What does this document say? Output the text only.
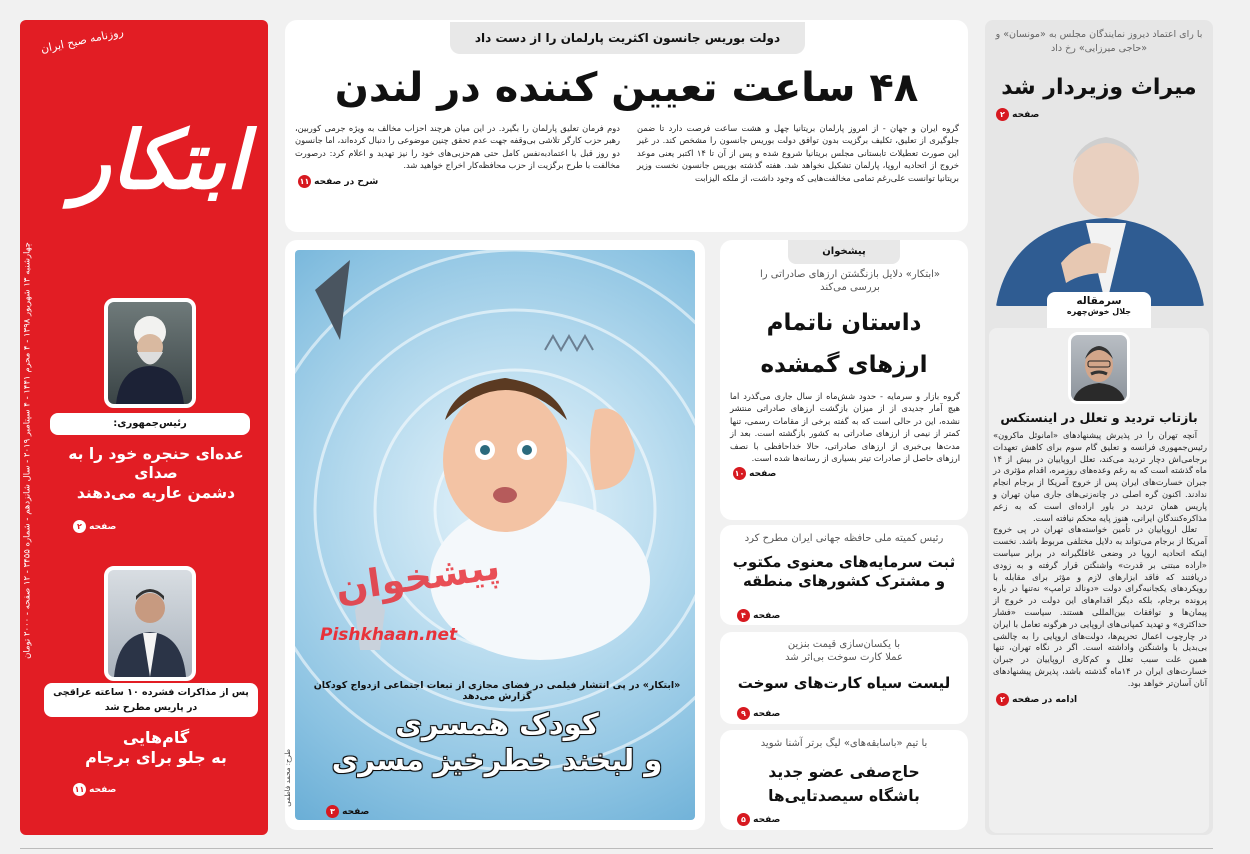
روزنامه صبح ایران
ابتکار
چهارشنبه ۱۳ شهریور ۱۳۹۸ - ۴ محرم ۱۴۴۱ - ۴ سپتامبر ۲۰۱۹ - سال شانزدهم - شماره ۳۴۵۵ - ۱۲ صفحه - ۲۰۰۰ تومان
رئیس‌جمهوری:
عده‌ای حنجره خود را به صدای
دشمن عاریه می‌دهند
صفحه ۲
پس از مذاکرات فشرده ۱۰ ساعته عراقچی
در پاریس مطرح شد
گام‌هایی
به جلو برای برجام
صفحه ۱۱
دولت بوریس جانسون اکثریت پارلمان را از دست داد
۴۸ ساعت تعیین کننده در لندن
گروه ایران و جهان - از امروز پارلمان بریتانیا چهل و هشت ساعت فرصت دارد تا ضمن جلوگیری از تعلیق، تکلیف برگزیت بدون توافق دولت بوریس جانسون را مشخص کند. در غیر این صورت تعطیلات تابستانی مجلس بریتانیا شروع شده و پس از آن تا ۱۴ اکتبر یعنی موعد خروج از اتحادیه اروپا، پارلمان تشکیل نخواهد شد. هفته گذشته بوریس جانسون نخست وزیر بریتانیا توانست علی‌رغم تمامی مخالفت‌هایی که وجود داشت، از ملکه الیزابت
دوم فرمان تعلیق پارلمان را بگیرد. در این میان هرچند احزاب مخالف به ویژه جرمی کوربین، رهبر حزب کارگر تلاشی بی‌وقفه جهت عدم تحقق چنین موضوعی را دنبال کرده‌اند، اما جانسون دو روز قبل با اعتمادبه‌نفس کامل حتی هم‌حزبی‌های خود را نیز تهدید و اعلام کرد: درصورت مخالفت با طرح برگزیت از حزب محافظه‌کار اخراج خواهید شد.
۱۱ شرح در صفحه
«ابتکار» در پی انتشار فیلمی در فضای مجازی از تبعات اجتماعی ازدواج کودکان گزارش می‌دهد
کودک همسری
و لبخند خطرخیز مسری
طرح: محمد فاطمی
صفحه ۳
پیشخوان
«ابتکار» دلایل بازنگشتن ارزهای صادراتی را بررسی می‌کند
داستان ناتمام
ارزهای گمشده
گروه بازار و سرمایه - حدود شش‌ماه از سال جاری می‌گذرد اما هیچ آمار جدیدی از از میزان بازگشت ارزهای صادراتی منتشر نشده، این در حالی است که به گفته برخی از مقامات رسمی، تنها کمتر از نیمی از ارزهای صادراتی به کشور بازگشته است. بعد از مدت‌ها بی‌خبری از ارزهای صادراتی، حالا خداحافظی با نصف ارزهای حاصل از صادرات تیتر بسیاری از رسانه‌ها شده است.
۱۰ صفحه
رئیس کمیته ملی حافظه جهانی ایران مطرح کرد
ثبت سرمایه‌های معنوی مکتوب
و مشترک کشورهای منطقه
صفحه ۴
با یکسان‌سازی قیمت بنزین
عملا کارت سوخت بی‌اثر شد
لیست سیاه کارت‌های سوخت
صفحه ۹
با تیم «باسابقه‌های» لیگ برتر آشنا شوید
حاج‌صفی عضو جدید
باشگاه سیصدتایی‌ها
صفحه ۵
با رای اعتماد دیروز نمایندگان مجلس به «مونسان» و «حاجی میرزایی» رخ داد
میراث وزیردار شد
صفحه ۲
سرمقاله
جلال خوش‌چهره
بازتاب تردید و تعلل در اینستکس
آنچه تهران را در پذیرش پیشنهادهای «امانوئل ماکرون» رئیس‌جمهوری فرانسه و تعلیق گام سوم برای کاهش تعهدات برجامی‌اش دچار تردید می‌کند، تعلل اروپاییان در بیش از ۱۴ ماه گذشته است که به رغم وعده‌های روزمره، اقدام مؤثری در جبران خسارت‌های ایران پس از خروج آمریکا از برجام انجام ندادند. اکنون گره اصلی در چانه‌زنی‌های جاری میان تهران و پاریس همان تردید در باور اراده‌ای است که به زعم مذاکره‌کنندگان ایرانی، هنوز پایه محکم نیافته است.
تعلل اروپاییان در تأمین خواسته‌های تهران در پی خروج آمریکا از برجام می‌تواند به دلایل مختلفی مربوط باشد. نخست اینکه اتحادیه اروپا در وضعی غافلگیرانه در برابر سیاست «اراده مبتنی بر قدرت» واشنگتن قرار گرفته و به زودی دریافتند که فاقد ابزارهای لازم و مؤثر برای مقابله با رویکردهای یکجانبه‌گرای دولت «دونالد ترامپ» نه‌تنها در باره پرونده برجام، بلکه دیگر اقدام‌های این دولت در خروج از پیمان‌ها و توافقات بین‌المللی هستند. سیاست «فشار حداکثری» و تهدید کمپانی‌های اروپایی در هرگونه تعامل با ایران در چارچوب اعمال تحریم‌ها، دولت‌های اروپایی را به چالشی بی‌بدیل با واشنگتن واداشته است. اگر در نگاه تهران، تنها همین علت سبب تعلل و کم‌کاری اروپاییان در جبران خسارت‌های ایران در ۱۴ماه گذشته باشد، پذیرش پیشنهادهای آنان آسان‌تر خواهد بود.
۲ ادامه در صفحه
پیشخوان
Pishkhaan.net
